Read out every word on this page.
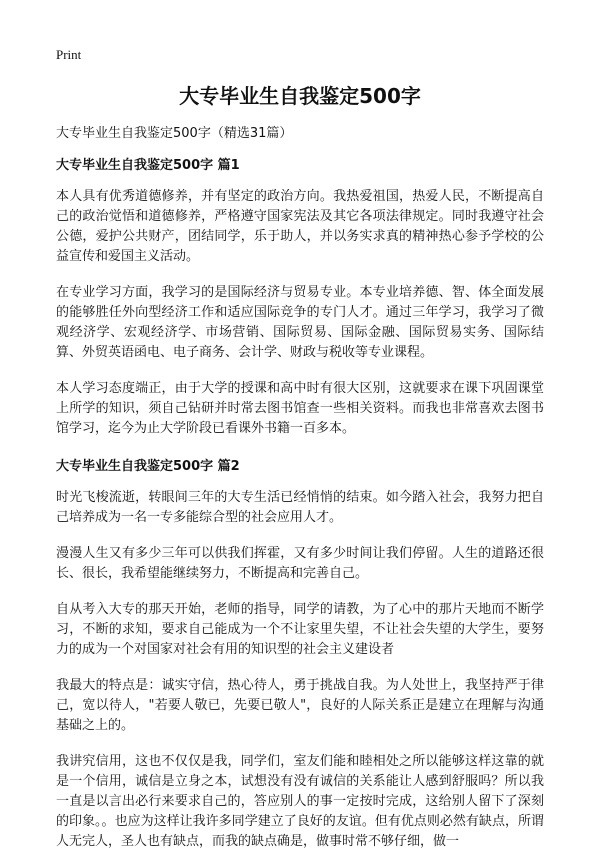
Print
大专毕业生自我鉴定500字

大专毕业生自我鉴定500字（精选31篇）

大专毕业生自我鉴定500字 篇1

本人具有优秀道德修养，并有坚定的政治方向。我热爱祖国，热爱人民，不断提高自己的政治觉悟和道德修养，严格遵守国家宪法及其它各项法律规定。同时我遵守社会公德，爱护公共财产，团结同学，乐于助人，并以务实求真的精神热心参予学校的公益宣传和爱国主义活动。

在专业学习方面，我学习的是国际经济与贸易专业。本专业培养德、智、体全面发展的能够胜任外向型经济工作和适应国际竞争的专门人才。通过三年学习，我学习了微观经济学、宏观经济学、市场营销、国际贸易、国际金融、国际贸易实务、国际结算、外贸英语函电、电子商务、会计学、财政与税收等专业课程。

本人学习态度端正，由于大学的授课和高中时有很大区别，这就要求在课下巩固课堂上所学的知识，须自己钻研并时常去图书馆查一些相关资料。而我也非常喜欢去图书馆学习，迄今为止大学阶段已看课外书籍一百多本。

大专毕业生自我鉴定500字 篇2

时光飞梭流逝，转眼间三年的大专生活已经悄悄的结束。如今踏入社会，我努力把自己培养成为一名一专多能综合型的社会应用人才。

漫漫人生又有多少三年可以供我们挥霍，又有多少时间让我们停留。人生的道路还很长、很长，我希望能继续努力，不断提高和完善自己。

自从考入大专的那天开始，老师的指导，同学的请教，为了心中的那片天地而不断学习，不断的求知，要求自己能成为一个不让家里失望，不让社会失望的大学生，要努力的成为一个对国家对社会有用的知识型的社会主义建设者

我最大的特点是：诚实守信，热心待人，勇于挑战自我。为人处世上，我坚持严于律己，宽以待人，"若要人敬已，先要已敬人"，良好的人际关系正是建立在理解与沟通基础之上的。

我讲究信用，这也不仅仅是我，同学们，室友们能和睦相处之所以能够这样这靠的就是一个信用，诚信是立身之本，试想没有没有诚信的关系能让人感到舒服吗？所以我一直是以言出必行来要求自己的，答应别人的事一定按时完成，这给别人留下了深刻的印象。。也应为这样让我许多同学建立了良好的友谊。但有优点则必然有缺点，所谓人无完人，圣人也有缺点，而我的缺点确是，做事时常不够仔细，做一
